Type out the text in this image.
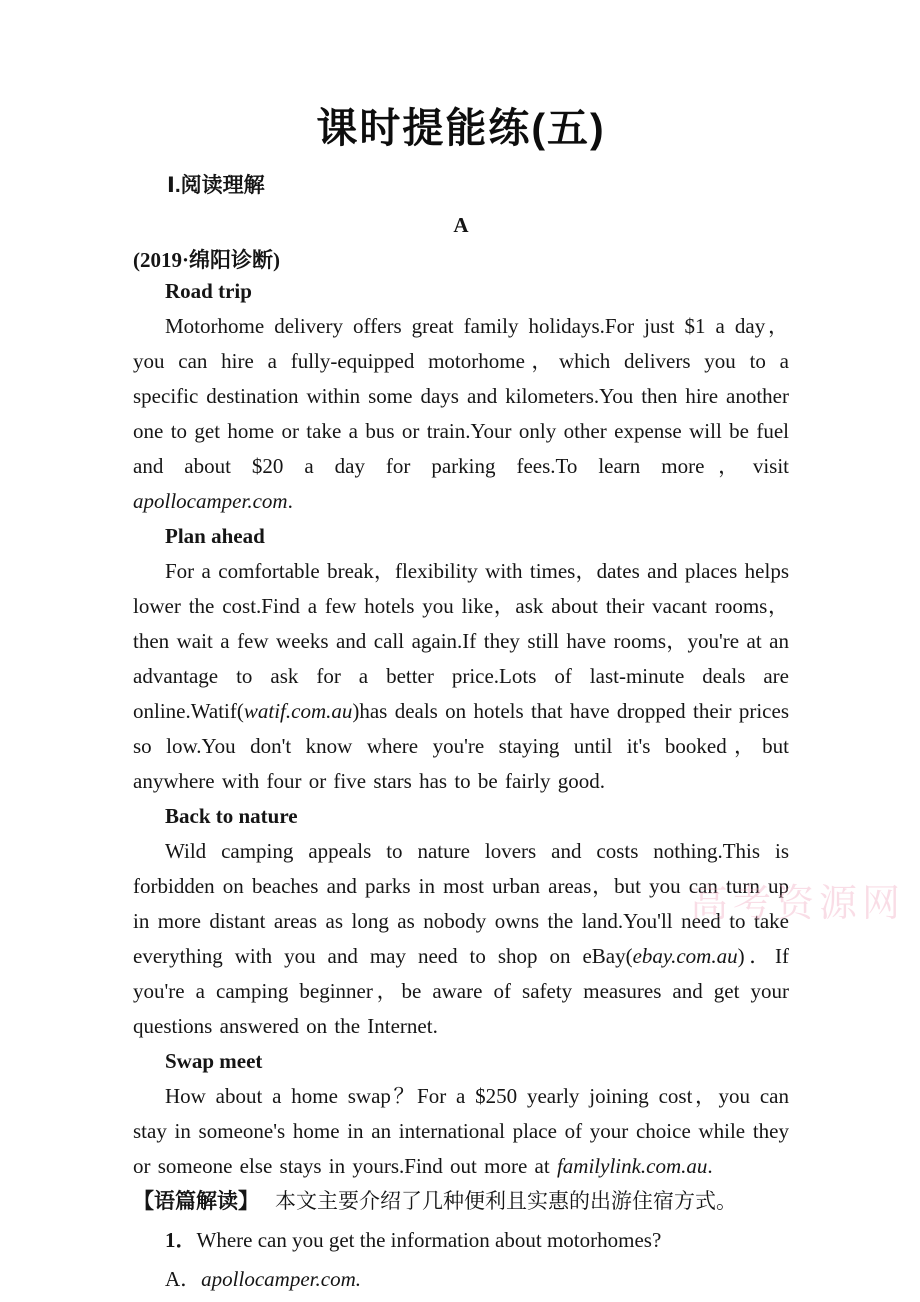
课时提能练(五)
Ⅰ.阅读理解
A
(2019·绵阳诊断)
Road trip

Motorhome delivery offers great family holidays.For just $1 a day，you can hire a fully-equipped motorhome，which delivers you to a specific destination within some days and kilometers.You then hire another one to get home or take a bus or train.Your only other expense will be fuel and about $20 a day for parking fees.To learn more，visit apollocamper.com.

Plan ahead

For a comfortable break，flexibility with times，dates and places helps lower the cost.Find a few hotels you like，ask about their vacant rooms，then wait a few weeks and call again.If they still have rooms，you're at an advantage to ask for a better price.Lots of last-minute deals are online.Watif(watif.com.au)has deals on hotels that have dropped their prices so low.You don't know where you're staying until it's booked，but anywhere with four or five stars has to be fairly good.

Back to nature

Wild camping appeals to nature lovers and costs nothing.This is forbidden on beaches and parks in most urban areas，but you can turn up in more distant areas as long as nobody owns the land.You'll need to take everything with you and may need to shop on eBay(ebay.com.au)．If you're a camping beginner，be aware of safety measures and get your questions answered on the Internet.

Swap meet

How about a home swap？For a $250 yearly joining cost，you can stay in someone's home in an international place of your choice while they or someone else stays in yours.Find out more at familylink.com.au.

【语篇解读】 本文主要介绍了几种便利且实惠的出游住宿方式。
1．Where can you get the information about motorhomes?
A．apollocamper.com.
高考资源网
